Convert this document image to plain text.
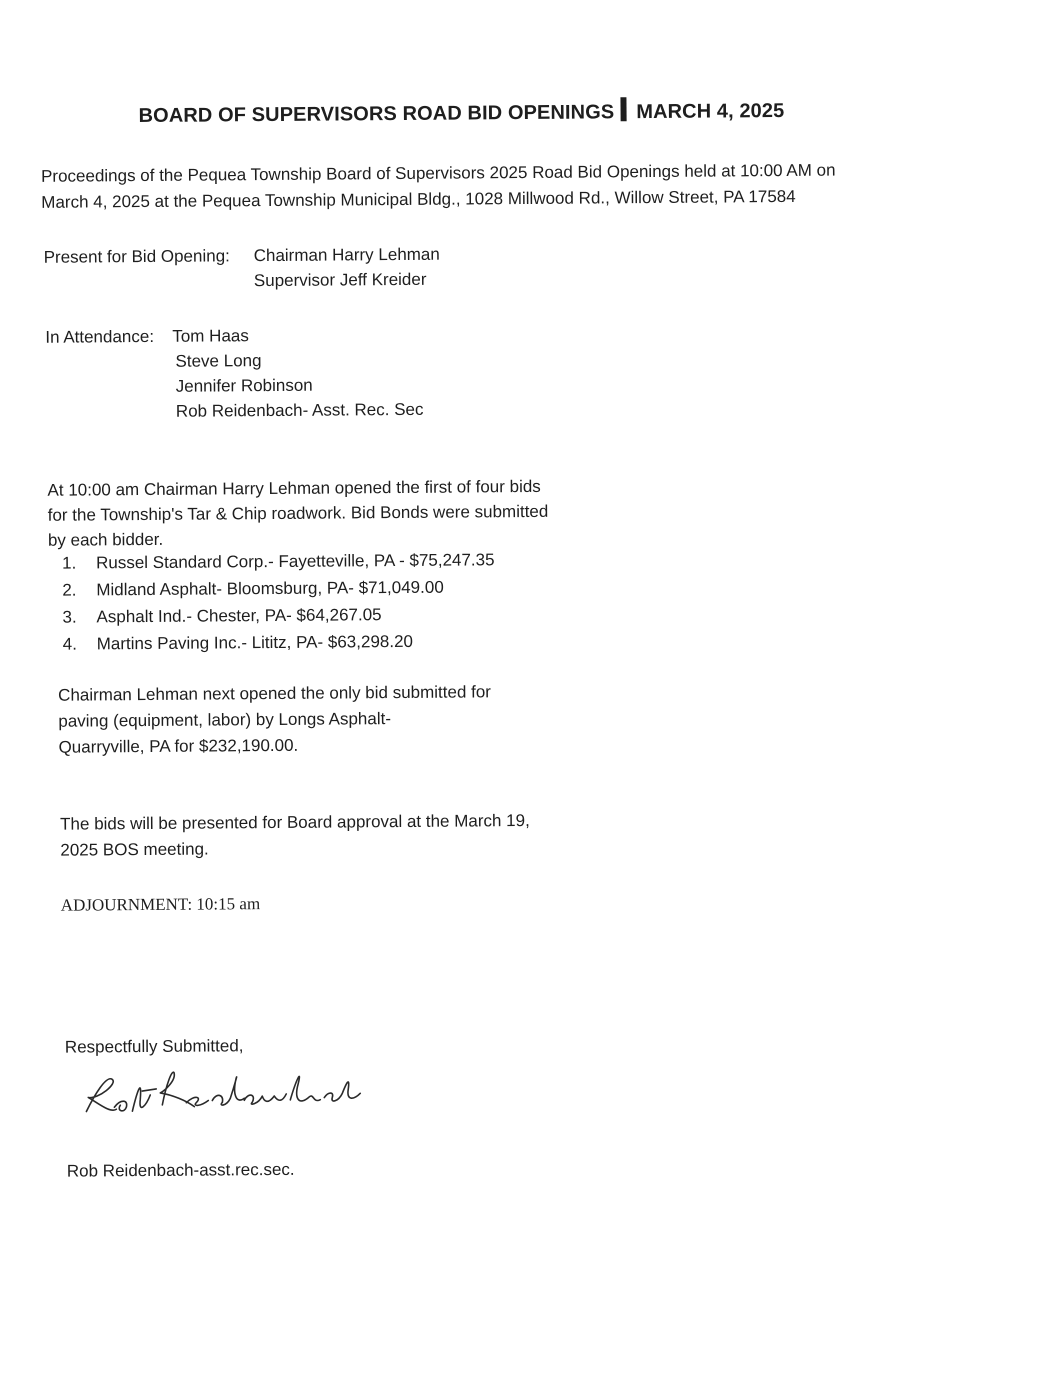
BOARD OF SUPERVISORS ROAD BID OPENINGS MARCH 4, 2025
Proceedings of the Pequea Township Board of Supervisors 2025 Road Bid Openings held at 10:00 AM on
March 4, 2025 at the Pequea Township Municipal Bldg., 1028 Millwood Rd., Willow Street, PA 17584
Present for Bid Opening: Chairman Harry Lehman
Supervisor Jeff Kreider
In Attendance: Tom Haas
Steve Long
Jennifer Robinson
Rob Reidenbach- Asst. Rec. Sec
At 10:00 am Chairman Harry Lehman opened the first of four bids
for the Township's Tar & Chip roadwork. Bid Bonds were submitted
by each bidder.
1. Russel Standard Corp.- Fayetteville, PA - $75,247.35
2. Midland Asphalt- Bloomsburg, PA- $71,049.00
3. Asphalt Ind.- Chester, PA- $64,267.05
4. Martins Paving Inc.- Lititz, PA- $63,298.20
Chairman Lehman next opened the only bid submitted for
paving (equipment, labor) by Longs Asphalt-
Quarryville, PA for $232,190.00.
The bids will be presented for Board approval at the March 19,
2025 BOS meeting.
ADJOURNMENT: 10:15 am
Respectfully Submitted,
Rob Reidenbach-asst.rec.sec.
